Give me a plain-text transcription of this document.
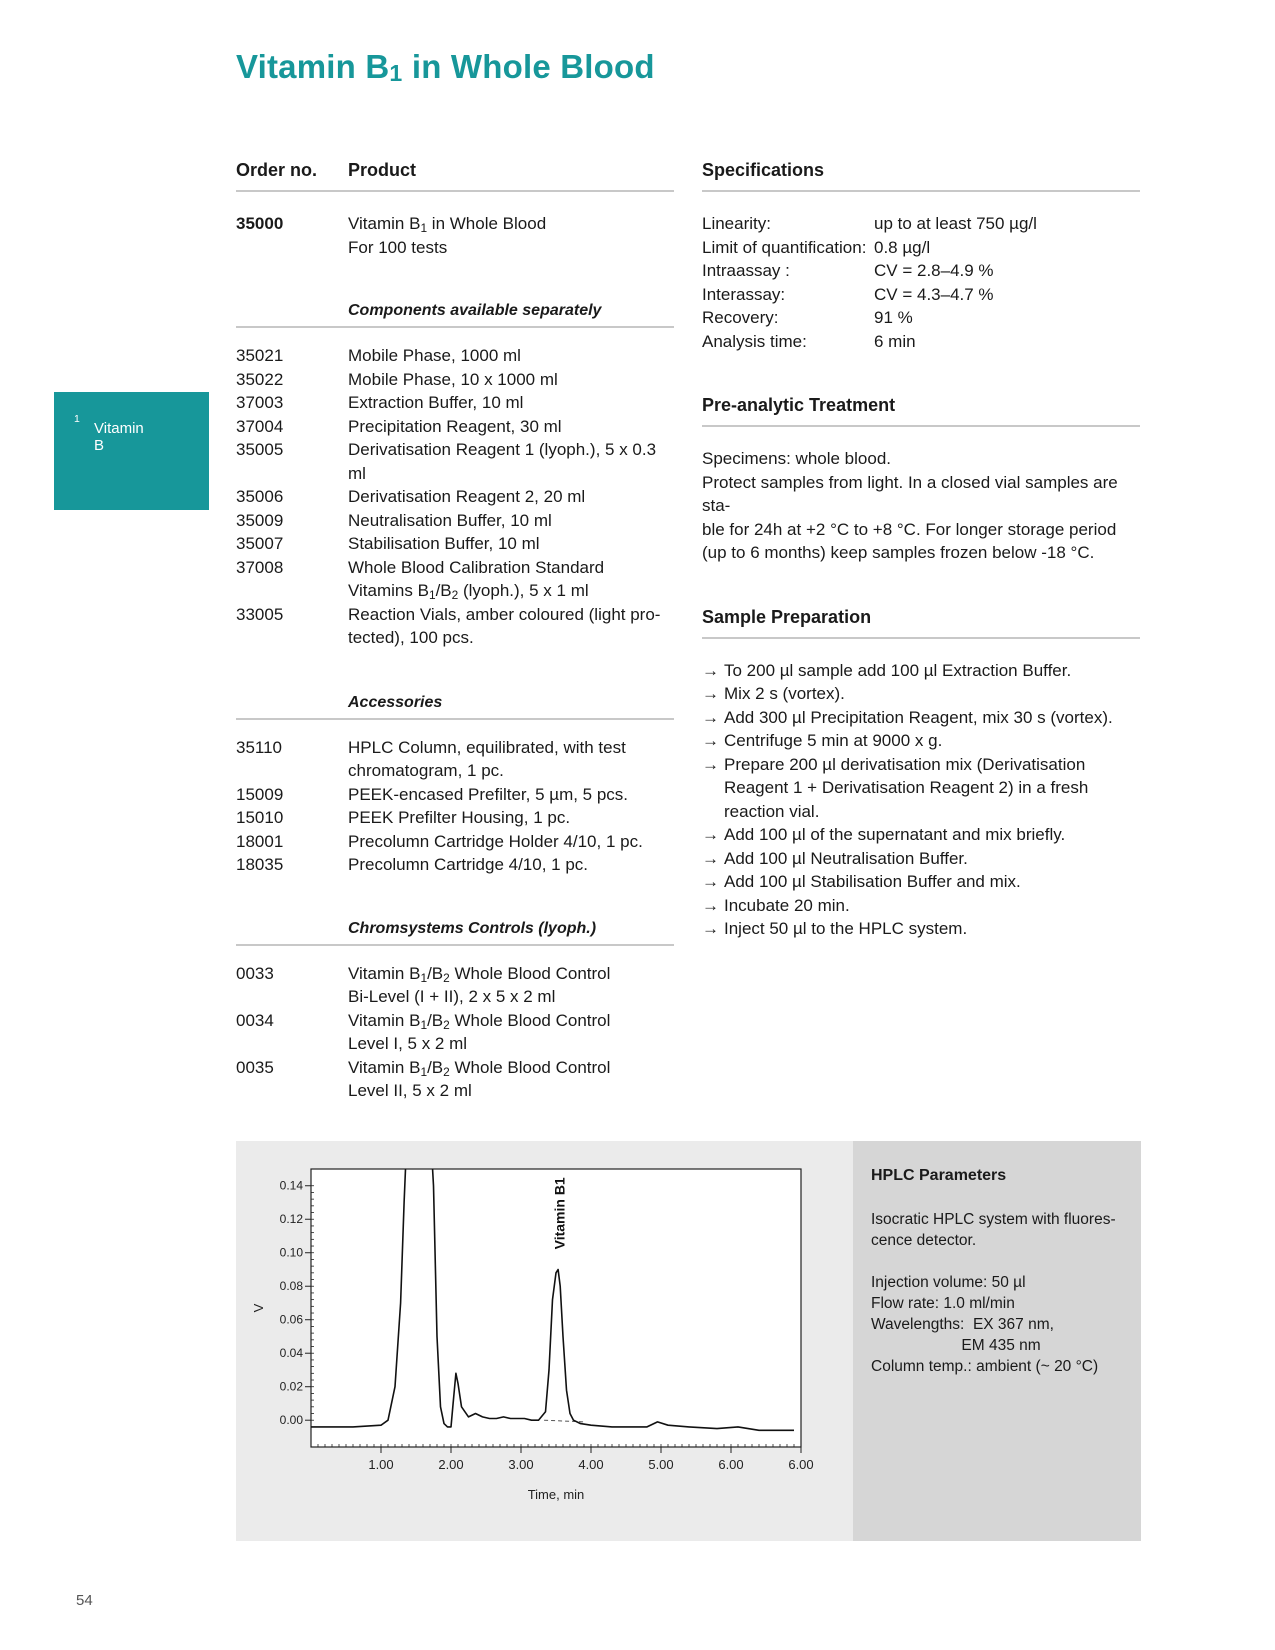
Vitamin $B_1$ in Whole Blood
Vitamin B
$_1$
Order no. Product
35000	Vitamin $B_1$ in Whole Blood
For 100 tests
Components available separately
35021	Mobile Phase, 1000 ml
35022	Mobile Phase, 10 x 1000 ml
37003	Extraction Buffer, 10 ml
37004	Precipitation Reagent, 30 ml
35005	Derivatisation Reagent 1 (lyoph.), 5 x 0.3 ml
35006	Derivatisation Reagent 2, 20 ml
35009	Neutralisation Buffer, 10 ml
35007	Stabilisation Buffer, 10 ml
37008	Whole Blood Calibration Standard
Vitamins $B_1/B_2$ (lyoph.), 5 x 1 ml
33005	Reaction Vials, amber coloured (light pro-
tected), 100 pcs.
Accessories
35110	HPLC Column, equilibrated, with test
chromatogram, 1 pc.
15009	PEEK-encased Prefilter, 5 µm, 5 pcs.
15010	PEEK Prefilter Housing, 1 pc.
18001	Precolumn Cartridge Holder 4/10, 1 pc.
18035	Precolumn Cartridge 4/10, 1 pc.
Chromsystems Controls (lyoph.)
0033	Vitamin $B_1/B_2$ Whole Blood Control
Bi-Level (I + II), 2 x 5 x 2 ml
0034	Vitamin $B_1/B_2$ Whole Blood Control
Level I, 5 x 2 ml
0035	Vitamin $B_1/B_2$ Whole Blood Control
Level II, 5 x 2 ml
Specifications
Linearity:	up to at least 750 µg/l
Limit of quantification: 0.8 µg/l
Intraassay :	CV = 2.8–4.9 %
Interassay:	CV = 4.3–4.7 %
Recovery:	91 %
Analysis time:	6 min
Pre-analytic Treatment
Specimens: whole blood.
Protect samples from light. In a closed vial samples are sta-
ble for 24h at +2 °C to +8 °C. For longer storage period
(up to 6 months) keep samples frozen below -18 °C.
Sample Preparation
→ To 200 µl sample add 100 µl Extraction Buffer.
→ Mix 2 s (vortex).
→ Add 300 µl Precipitation Reagent, mix 30 s (vortex).
→ Centrifuge 5 min at 9000 x g.
→ Prepare 200 µl derivatisation mix (Derivatisation
Reagent 1 + Derivatisation Reagent 2) in a fresh
reaction vial.
→ Add 100 µl of the supernatant and mix briefly.
→ Add 100 µl Neutralisation Buffer.
→ Add 100 µl Stabilisation Buffer and mix.
→ Incubate 20 min.
→ Inject 50 µl to the HPLC system.
0.00
0.02
0.04
0.06
0.08
0.10
0.12
0.14
1.00	2.00	3.00	4.00	5.00	6.00	6.00
Time, min
V
Vitamin B1
HPLC Parameters
Isocratic HPLC system with fluores-
cence detector.
Injection volume: 50 µl
Flow rate: 1.0 ml/min
Wavelengths:  EX 367 nm,
EM 435 nm
Column temp.: ambient (~ 20 °C)
54
